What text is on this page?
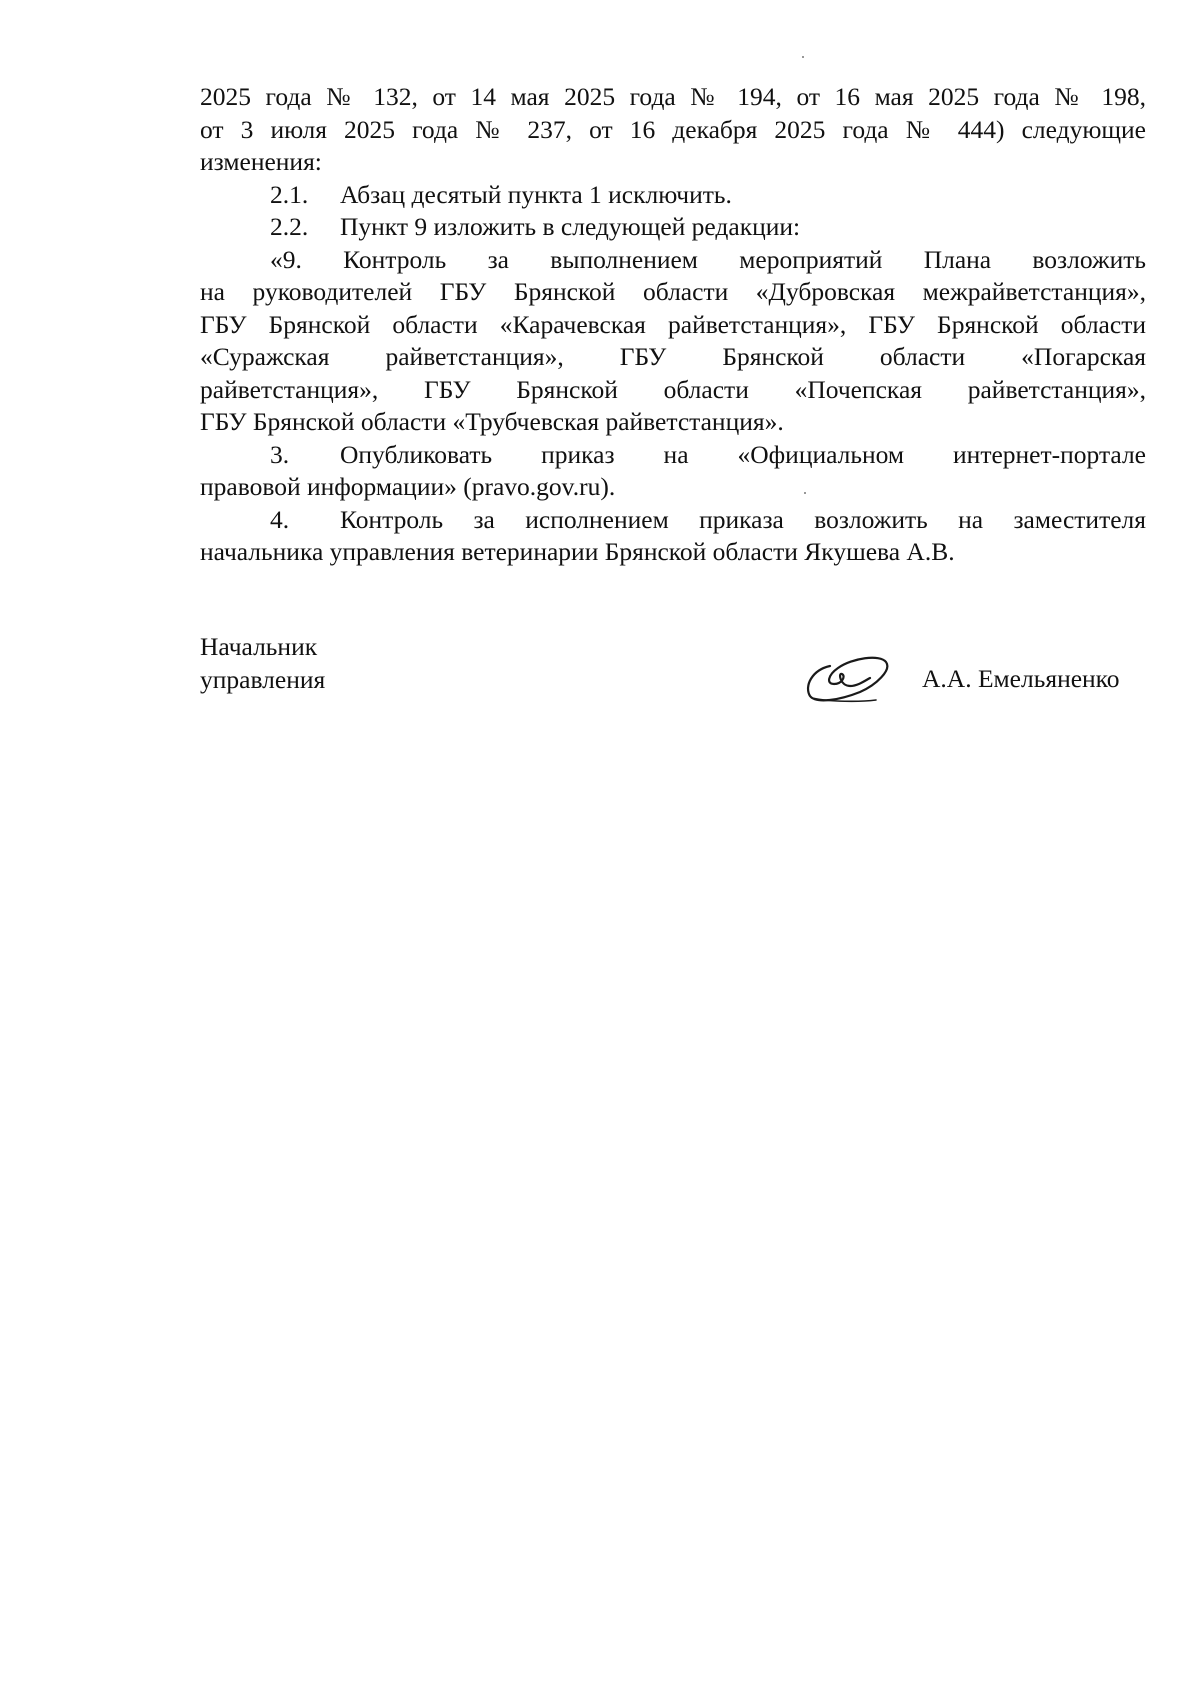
2025 года № 132, от 14 мая 2025 года № 194, от 16 мая 2025 года № 198,
от 3 июля 2025 года № 237, от 16 декабря 2025 года № 444) следующие
изменения:
2.1. Абзац десятый пункта 1 исключить.
2.2. Пункт 9 изложить в следующей редакции:
«9. Контроль за выполнением мероприятий Плана возложить
на руководителей ГБУ Брянской области «Дубровская межрайветстанция»,
ГБУ Брянской области «Карачевская райветстанция», ГБУ Брянской области
«Суражская райветстанция», ГБУ Брянской области «Погарская
райветстанция», ГБУ Брянской области «Почепская райветстанция»,
ГБУ Брянской области «Трубчевская райветстанция».
3. Опубликовать приказ на «Официальном интернет-портале
правовой информации» (pravo.gov.ru).
4. Контроль за исполнением приказа возложить на заместителя
начальника управления ветеринарии Брянской области Якушева А.В.
Начальник
управления	А.А. Емельяненко
